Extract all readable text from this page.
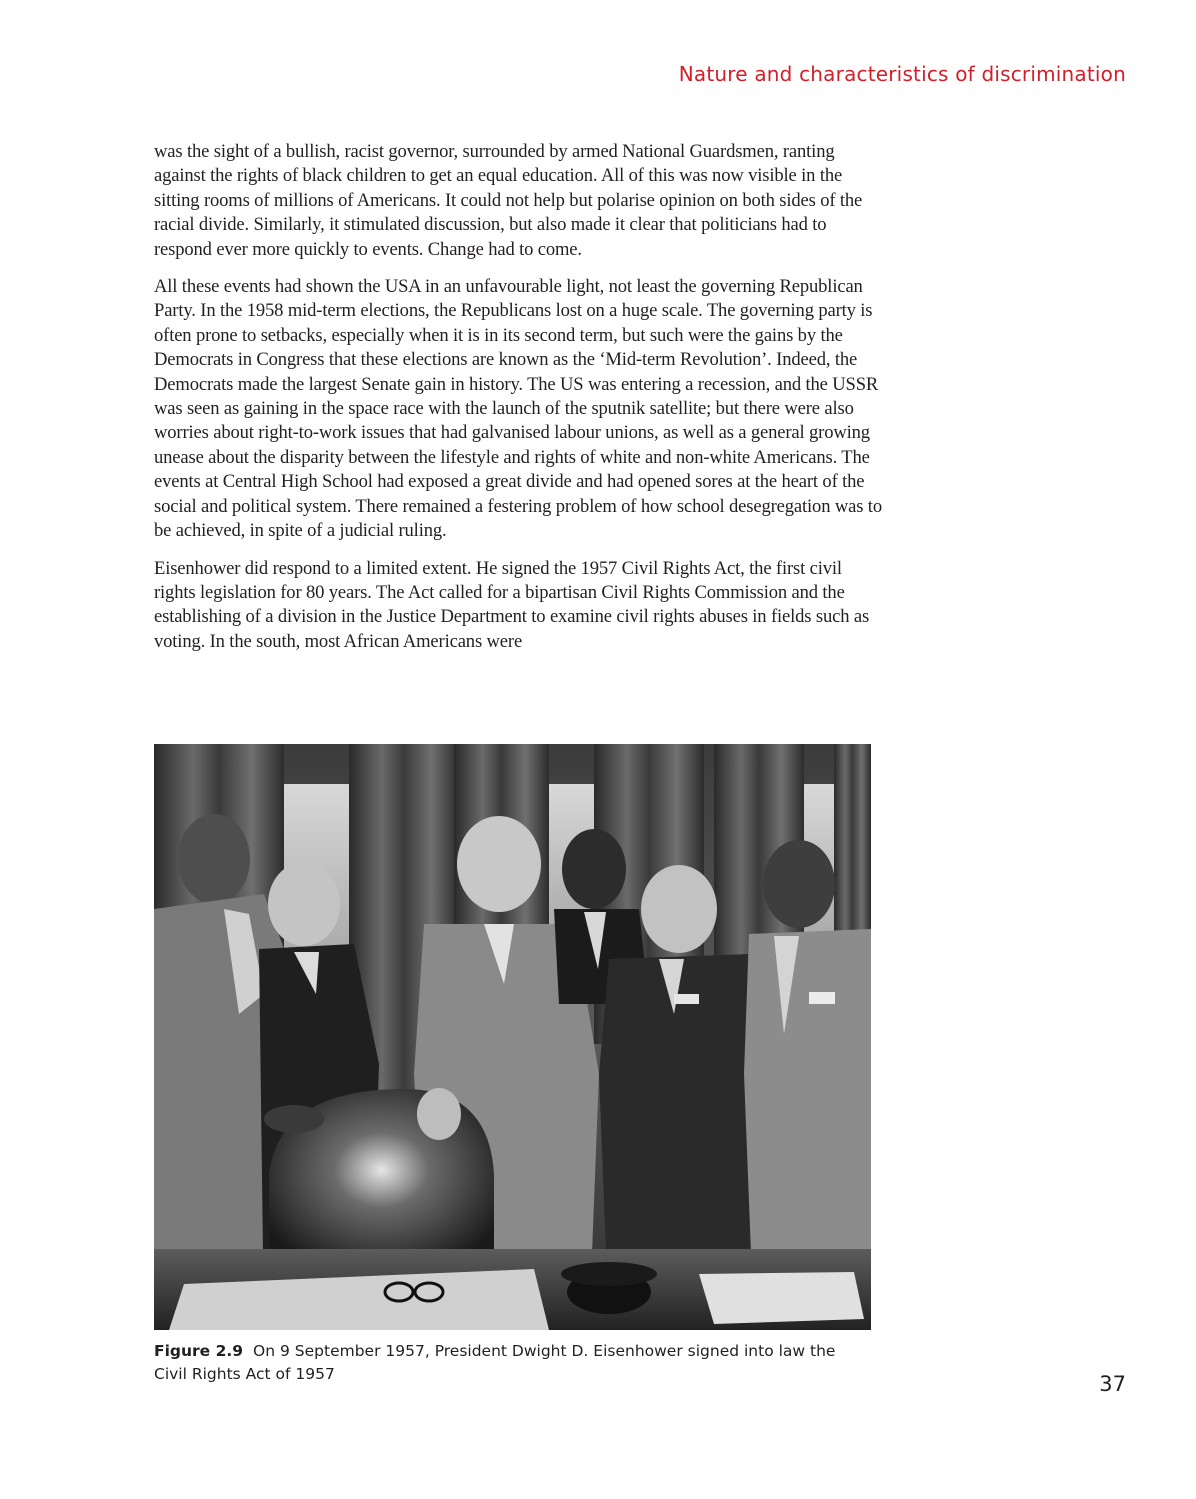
Nature and characteristics of discrimination

was the sight of a bullish, racist governor, surrounded by armed National Guardsmen, ranting against the rights of black children to get an equal education. All of this was now visible in the sitting rooms of millions of Americans. It could not help but polarise opinion on both sides of the racial divide. Similarly, it stimulated discussion, but also made it clear that politicians had to respond ever more quickly to events. Change had to come.

All these events had shown the USA in an unfavourable light, not least the governing Republican Party. In the 1958 mid-term elections, the Republicans lost on a huge scale. The governing party is often prone to setbacks, especially when it is in its second term, but such were the gains by the Democrats in Congress that these elections are known as the ‘Mid-term Revolution’. Indeed, the Democrats made the largest Senate gain in history. The US was entering a recession, and the USSR was seen as gaining in the space race with the launch of the sputnik satellite; but there were also worries about right-to-work issues that had galvanised labour unions, as well as a general growing unease about the disparity between the lifestyle and rights of white and non-white Americans. The events at Central High School had exposed a great divide and had opened sores at the heart of the social and political system. There remained a festering problem of how school desegregation was to be achieved, in spite of a judicial ruling.

Eisenhower did respond to a limited extent. He signed the 1957 Civil Rights Act, the first civil rights legislation for 80 years. The Act called for a bipartisan Civil Rights Commission and the establishing of a division in the Justice Department to examine civil rights abuses in fields such as voting. In the south, most African Americans were

Figure 2.9 On 9 September 1957, President Dwight D. Eisenhower signed into law the Civil Rights Act of 1957	37
